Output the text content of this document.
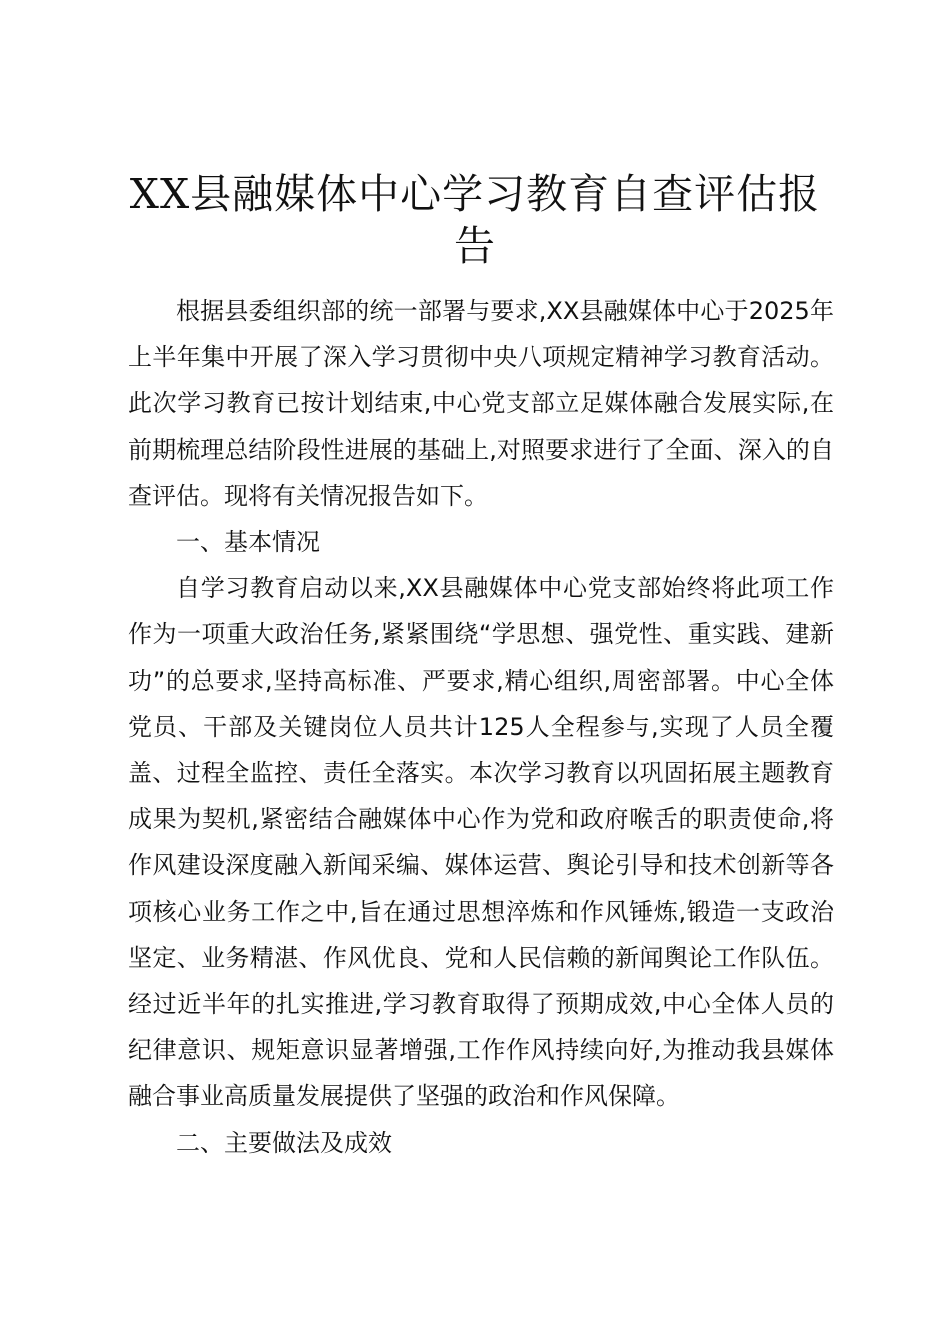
XX县融媒体中心学习教育自查评估报告

根据县委组织部的统一部署与要求,XX县融媒体中心于2025年上半年集中开展了深入学习贯彻中央八项规定精神学习教育活动。此次学习教育已按计划结束,中心党支部立足媒体融合发展实际,在前期梳理总结阶段性进展的基础上,对照要求进行了全面、深入的自查评估。现将有关情况报告如下。

一、基本情况

自学习教育启动以来,XX县融媒体中心党支部始终将此项工作作为一项重大政治任务,紧紧围绕“学思想、强党性、重实践、建新功”的总要求,坚持高标准、严要求,精心组织,周密部署。中心全体党员、干部及关键岗位人员共计125人全程参与,实现了人员全覆盖、过程全监控、责任全落实。本次学习教育以巩固拓展主题教育成果为契机,紧密结合融媒体中心作为党和政府喉舌的职责使命,将作风建设深度融入新闻采编、媒体运营、舆论引导和技术创新等各项核心业务工作之中,旨在通过思想淬炼和作风锤炼,锻造一支政治坚定、业务精湛、作风优良、党和人民信赖的新闻舆论工作队伍。经过近半年的扎实推进,学习教育取得了预期成效,中心全体人员的纪律意识、规矩意识显著增强,工作作风持续向好,为推动我县媒体融合事业高质量发展提供了坚强的政治和作风保障。

二、主要做法及成效
